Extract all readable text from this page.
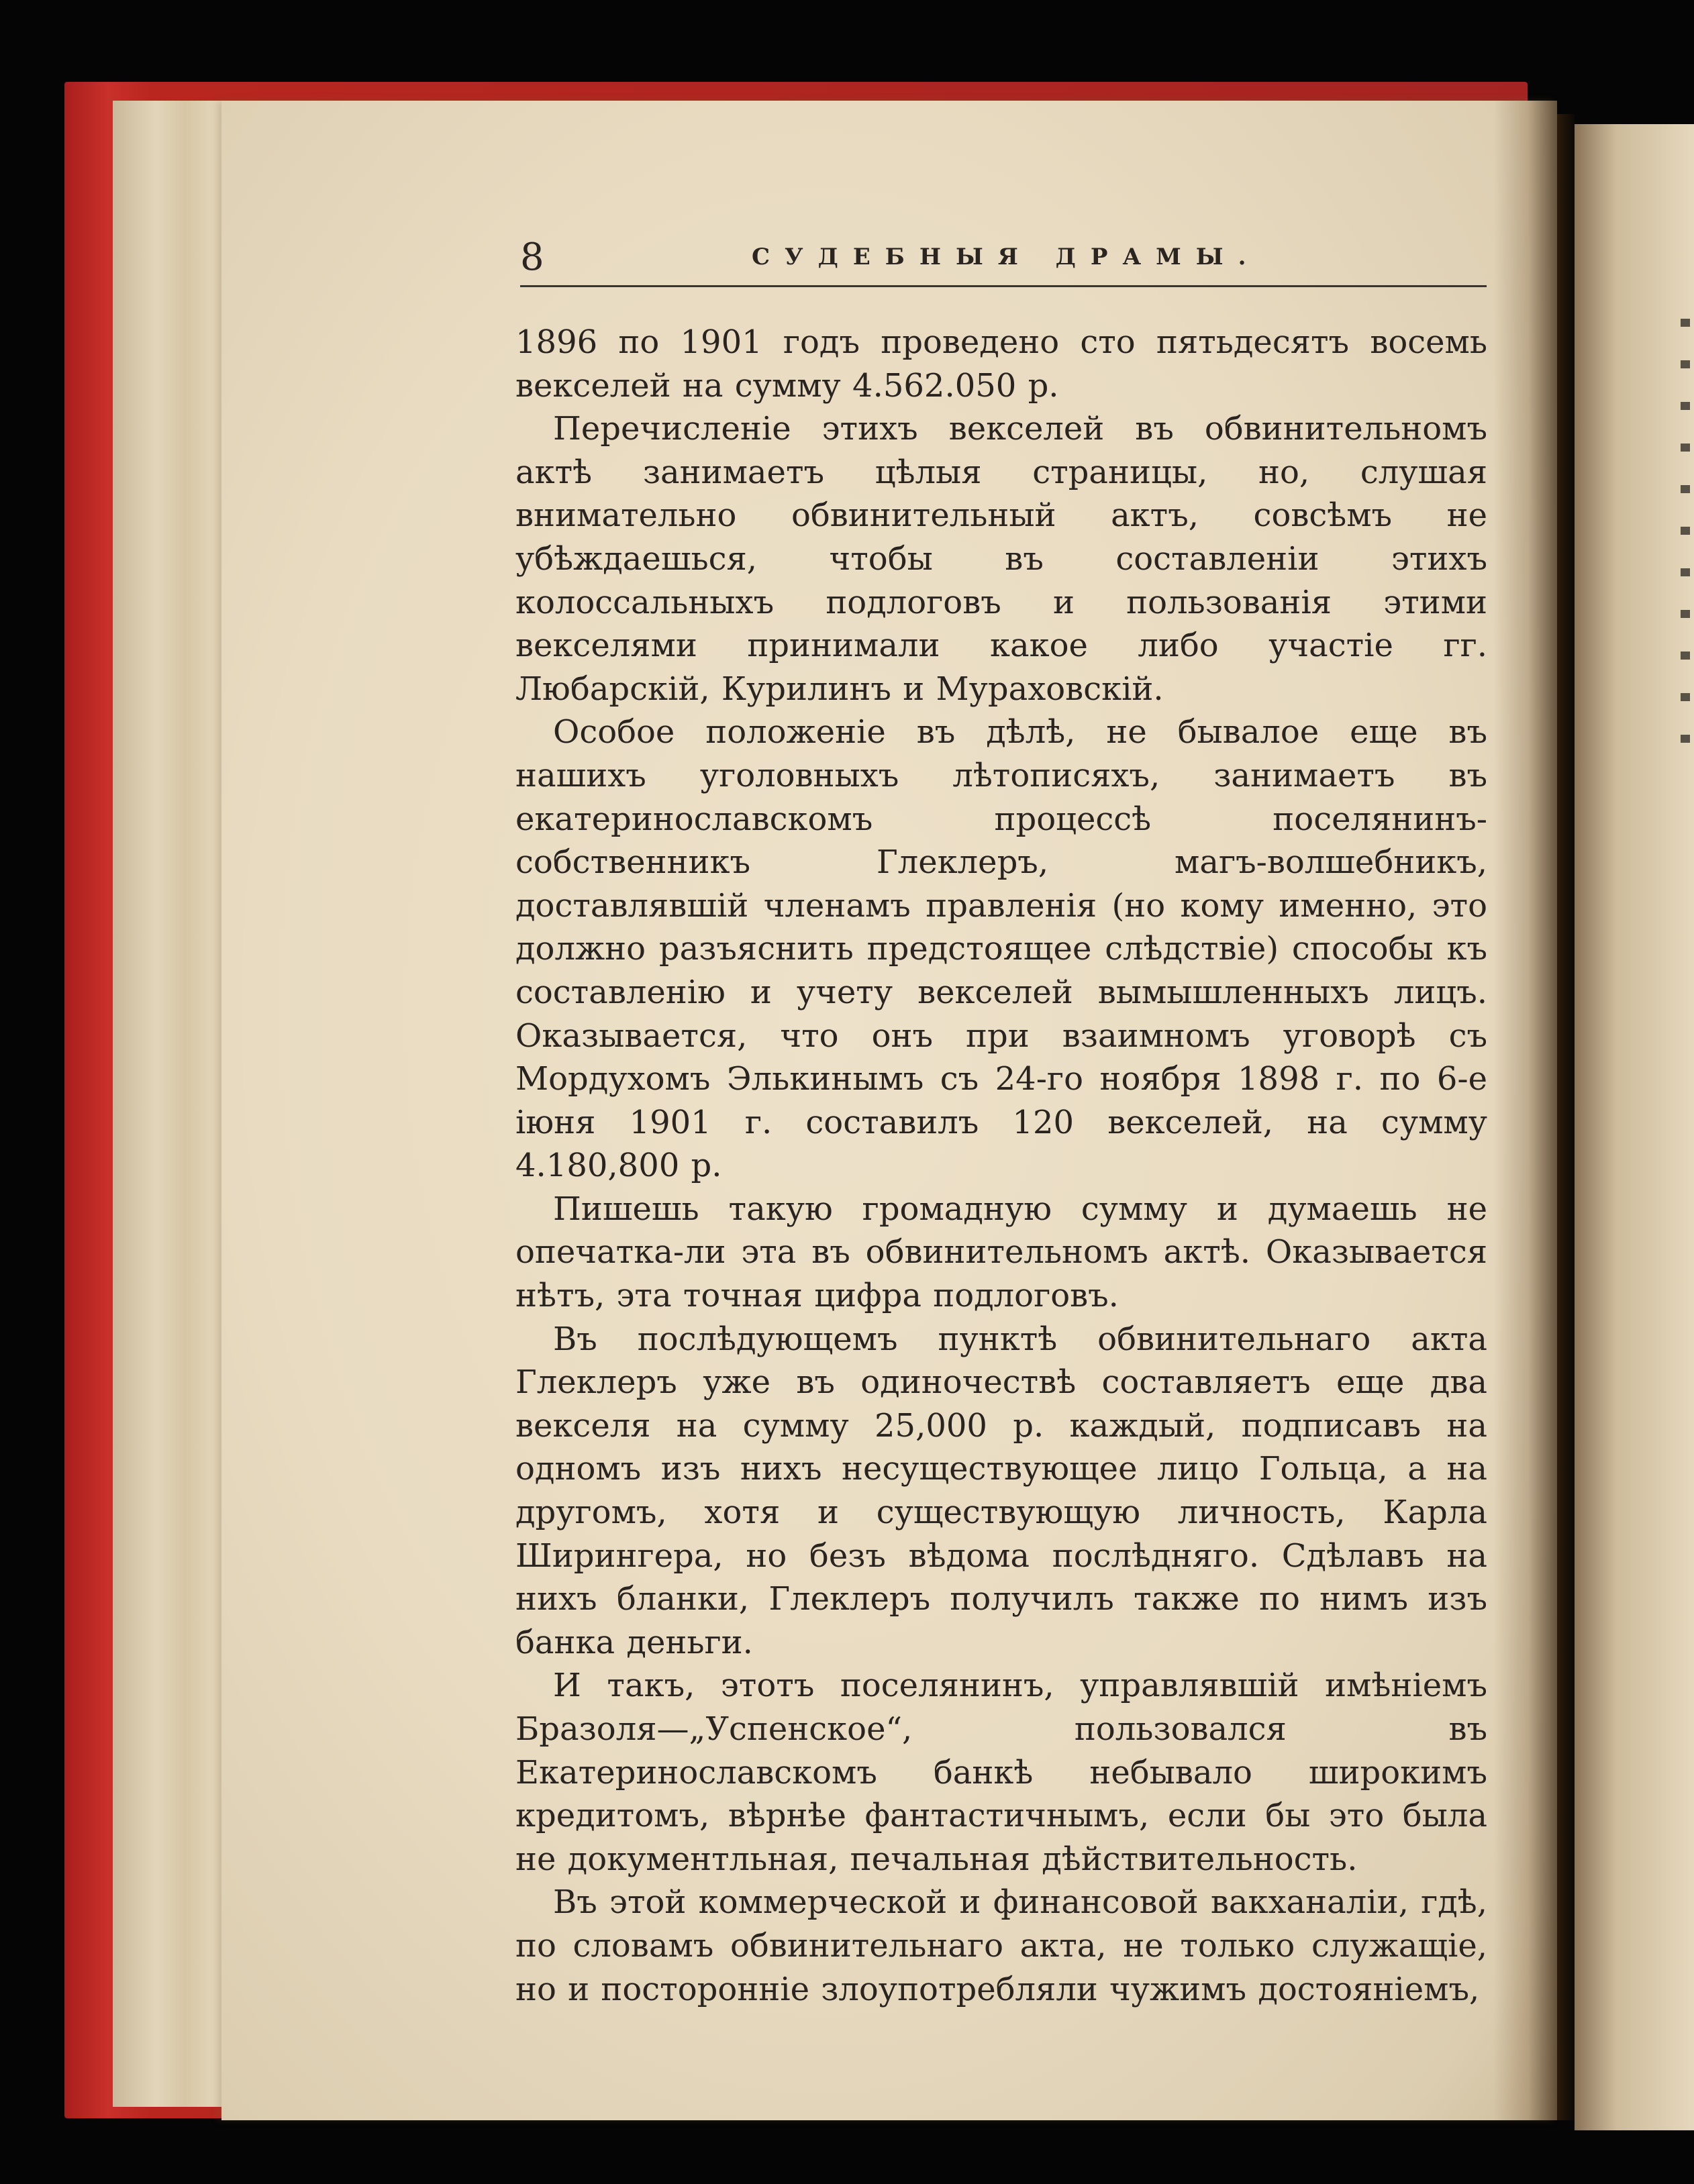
8	СУДЕБНЫЯ ДРАМЫ.

1896 по 1901 годъ проведено сто пятьдесятъ восемь векселей на сумму 4.562.050 р.

Перечисленіе этихъ векселей въ обвинительномъ актѣ занимаетъ цѣлыя страницы, но, слушая внимательно обвинительный актъ, совсѣмъ не убѣждаешься, чтобы въ составленіи этихъ колоссальныхъ подлоговъ и пользованія этими векселями принимали какое либо участіе гг. Любарскій, Курилинъ и Мураховскій.

Особое положеніе въ дѣлѣ, не бывалое еще въ нашихъ уголовныхъ лѣтописяхъ, занимаетъ въ екатеринославскомъ процессѣ поселянинъ-собственникъ Глеклеръ, магъ-волшебникъ, доставлявшій членамъ правленія (но кому именно, это должно разъяснить предстоящее слѣдствіе) способы къ составленію и учету векселей вымышленныхъ лицъ. Оказывается, что онъ при взаимномъ уговорѣ съ Мордухомъ Элькинымъ съ 24-го ноября 1898 г. по 6-е іюня 1901 г. составилъ 120 векселей, на сумму 4.180,800 р.

Пишешь такую громадную сумму и думаешь не опечатка-ли эта въ обвинительномъ актѣ. Оказывается нѣтъ, эта точная цифра подлоговъ.

Въ послѣдующемъ пунктѣ обвинительнаго акта Глеклеръ уже въ одиночествѣ составляетъ еще два векселя на сумму 25,000 р. каждый, подписавъ на одномъ изъ нихъ несуществующее лицо Гольца, а на другомъ, хотя и существующую личность, Карла Ширингера, но безъ вѣдома послѣдняго. Сдѣлавъ на нихъ бланки, Глеклеръ получилъ также по нимъ изъ банка деньги.

И такъ, этотъ поселянинъ, управлявшій имѣніемъ Бразоля—„Успенское“, пользовался въ Екатеринославскомъ банкѣ небывало широкимъ кредитомъ, вѣрнѣе фантастичнымъ, если бы это была не документльная, печальная дѣйствительность.

Въ этой коммерческой и финансовой вакханаліи, гдѣ, по словамъ обвинительнаго акта, не только служащіе, но и посторонніе злоупотребляли чужимъ достояніемъ,
